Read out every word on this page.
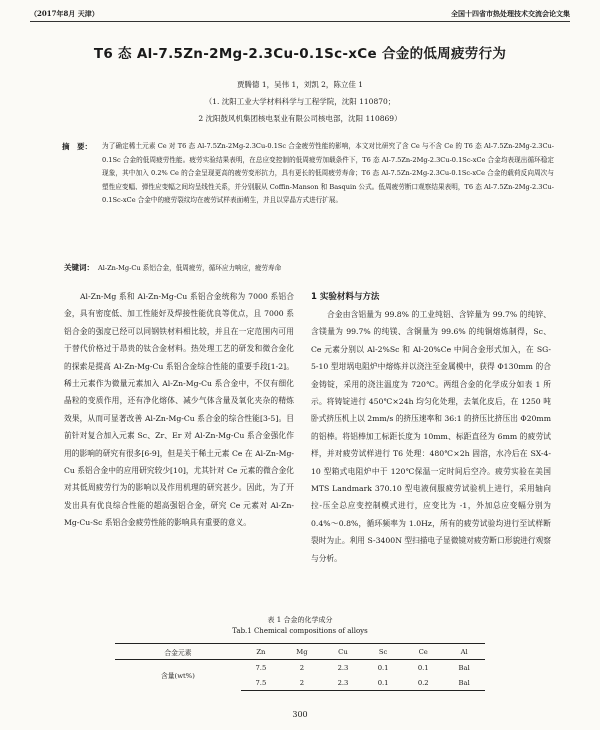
（2017年8月 天津）	全国十四省市热处理技术交流会论文集
T6 态 Al-7.5Zn-2Mg-2.3Cu-0.1Sc-xCe 合金的低周疲劳行为
贾腾德 1，吴伟 1，刘凯 2，陈立佳 1
（1. 沈阳工业大学材料科学与工程学院，沈阳 110870；
2 沈阳鼓风机集团核电泵业有限公司核电部，沈阳 110869）
摘　要： 为了确定稀土元素 Ce 对 T6 态 Al-7.5Zn-2Mg-2.3Cu-0.1Sc 合金疲劳性能的影响，本文对比研究了含 Ce 与不含 Ce 的 T6 态 Al-7.5Zn-2Mg-2.3Cu-0.1Sc 合金的低周疲劳性能。疲劳实验结果表明，在总应变控制的低周疲劳加载条件下，T6 态 Al-7.5Zn-2Mg-2.3Cu-0.1Sc-xCe 合金均表现出循环稳定现象，其中加入 0.2% Ce 的合金呈现更高的疲劳变形抗力，具有更长的低周疲劳寿命；T6 态 Al-7.5Zn-2Mg-2.3Cu-0.1Sc-xCe 合金的载荷反向周次与塑性应变幅、弹性应变幅之间均呈线性关系，并分别服从 Coffin-Manson 和 Basquin 公式。低周疲劳断口观察结果表明，T6 态 Al-7.5Zn-2Mg-2.3Cu-0.1Sc-xCe 合金中的疲劳裂纹均在疲劳试样表面萌生，并且以穿晶方式进行扩展。
关键词： Al-Zn-Mg-Cu 系铝合金，低周疲劳，循环应力响应，疲劳寿命
Al-Zn-Mg 系和 Al-Zn-Mg-Cu 系铝合金统称为 7000 系铝合金，具有密度低、加工性能好及焊接性能优良等优点，且 7000 系铝合金的强度已经可以同钢铁材料相比较，并且在一定范围内可用于替代价格过于昂贵的钛合金材料。热处理工艺的研发和微合金化的探索是提高 Al-Zn-Mg-Cu 系铝合金综合性能的重要手段[1-2]。稀土元素作为微量元素加入 Al-Zn-Mg-Cu 系合金中，不仅有细化晶粒的变质作用，还有净化熔体、减少气体含量及氧化夹杂的精炼效果，从而可显著改善 Al-Zn-Mg-Cu 系合金的综合性能[3-5]。目前针对复合加入元素 Sc、Zr、Er 对 Al-Zn-Mg-Cu 系合金强化作用的影响的研究有很多[6-9]，但是关于稀土元素 Ce 在 Al-Zn-Mg-Cu 系铝合金中的应用研究较少[10]，尤其针对 Ce 元素的微合金化对其低周疲劳行为的影响以及作用机理的研究甚少。因此，为了开发出具有优良综合性能的超高强铝合金，研究 Ce 元素对 Al-Zn-Mg-Cu-Sc 系铝合金疲劳性能的影响具有重要的意义。
1 实验材料与方法

合金由含铝量为 99.8% 的工业纯铝、含锌量为 99.7% 的纯锌、含镁量为 99.7% 的纯镁、含铜量为 99.6% 的纯铜熔炼制得，Sc、Ce 元素分别以 Al-2%Sc 和 Al-20%Ce 中间合金形式加入，在 SG-5-10 型坩埚电阻炉中熔炼并以浇注至金属模中，获得 Φ130mm 的合金铸锭，采用的浇注温度为 720℃。两组合金的化学成分如表 1 所示。将铸锭进行 450℃×24h 均匀化处理，去氧化皮后，在 1250 吨卧式挤压机上以 2mm/s 的挤压速率和 36:1 的挤压比挤压出 Φ20mm 的铝棒。将铝棒加工标距长度为 10mm、标距直径为 6mm 的疲劳试样，并对疲劳试样进行 T6 处理：480℃×2h 固溶，水冷后在 SX-4-10 型箱式电阻炉中于 120℃保温一定时间后空冷。疲劳实验在美国 MTS Landmark 370.10 型电液伺服疲劳试验机上进行，采用轴向拉-压全总应变控制模式进行，应变比为 -1，外加总应变幅分别为 0.4%～0.8%，循环频率为 1.0Hz，所有的疲劳试验均进行至试样断裂时为止。利用 S-3400N 型扫描电子显微镜对疲劳断口形貌进行观察与分析。

表 1 合金的化学成分
Tab.1 Chemical compositions of alloys
合金元素	Zn	Mg	Cu	Sc	Ce	Al
含量(wt%)	7.5	2	2.3	0.1	0.1	Bal
	7.5	2	2.3	0.1	0.2	Bal
300
